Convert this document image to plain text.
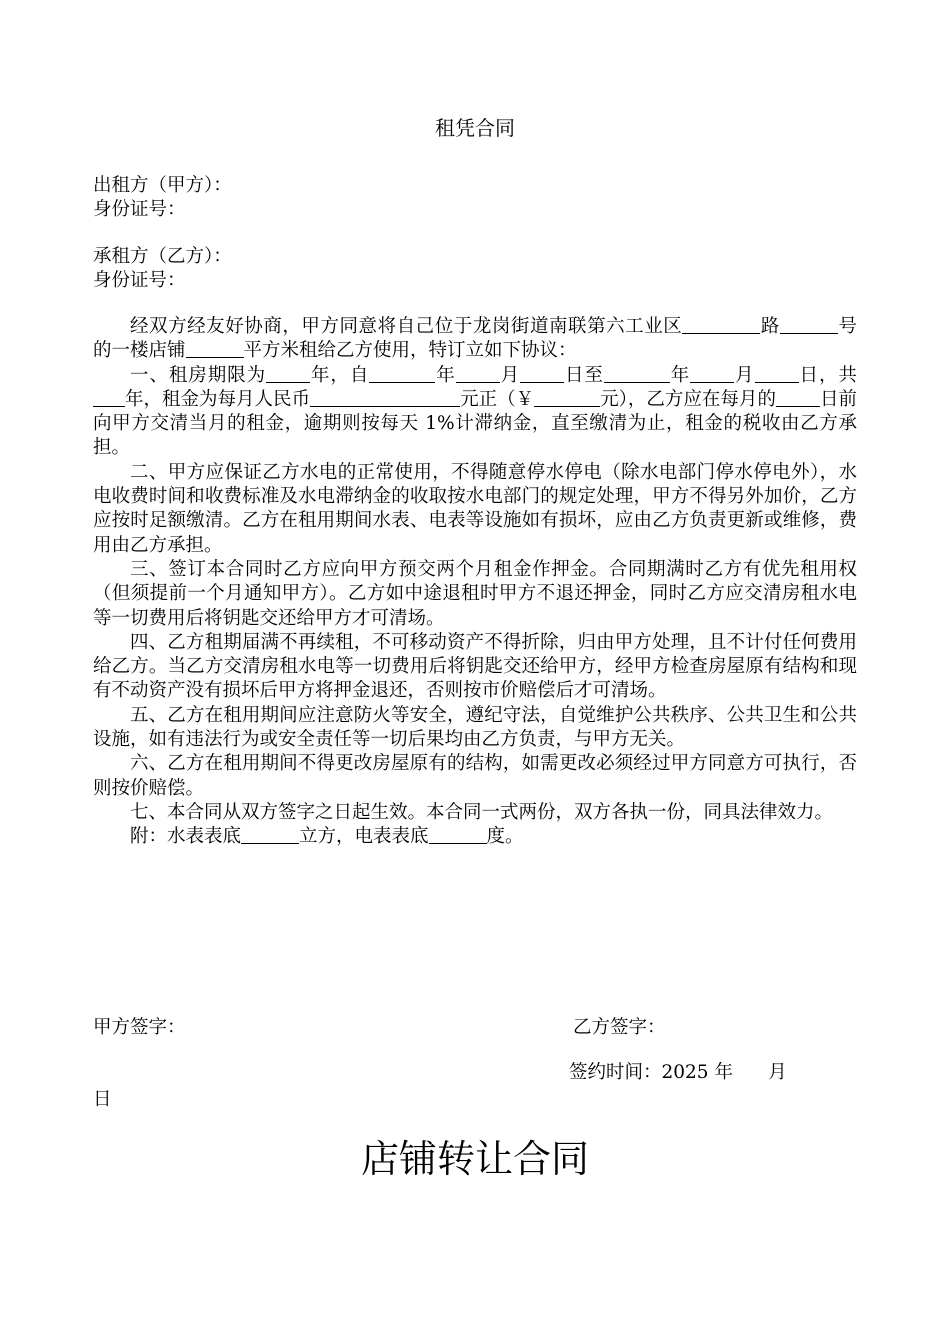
租凭合同
出租方（甲方）：
身份证号：
承租方（乙方）：
身份证号：

经双方经友好协商，甲方同意将自己位于龙岗街道南联第六工业区	路	号的一楼店铺	平方米租给乙方使用，特订立如下协议：

一、租房期限为 年，自	年 月 日至	年 月 日，共年，租金为每月人民币	元正（￥	元），乙方应在每月的 日前向甲方交清当月的租金，逾期则按每天 1%计滞纳金，直至缴清为止，租金的税收由乙方承担。

二、甲方应保证乙方水电的正常使用，不得随意停水停电（除水电部门停水停电外），水电收费时间和收费标准及水电滞纳金的收取按水电部门的规定处理，甲方不得另外加价，乙方应按时足额缴清。乙方在租用期间水表、电表等设施如有损坏，应由乙方负责更新或维修，费用由乙方承担。

三、签订本合同时乙方应向甲方预交两个月租金作押金。合同期满时乙方有优先租用权（但须提前一个月通知甲方）。乙方如中途退租时甲方不退还押金，同时乙方应交清房租水电等一切费用后将钥匙交还给甲方才可清场。

四、乙方租期届满不再续租，不可移动资产不得折除，归由甲方处理，且不计付任何费用给乙方。当乙方交清房租水电等一切费用后将钥匙交还给甲方，经甲方检查房屋原有结构和现有不动资产没有损坏后甲方将押金退还，否则按市价赔偿后才可清场。

五、乙方在租用期间应注意防火等安全，遵纪守法，自觉维护公共秩序、公共卫生和公共设施，如有违法行为或安全责任等一切后果均由乙方负责，与甲方无关。

六、乙方在租用期间不得更改房屋原有的结构，如需更改必须经过甲方同意方可执行，否则按价赔偿。

七、本合同从双方签字之日起生效。本合同一式两份，双方各执一份，同具法律效力。

附：水表表底	立方，电表表底	度。

甲方签字：	乙方签字：
签约时间：2025 年      月
日
店铺转让合同
